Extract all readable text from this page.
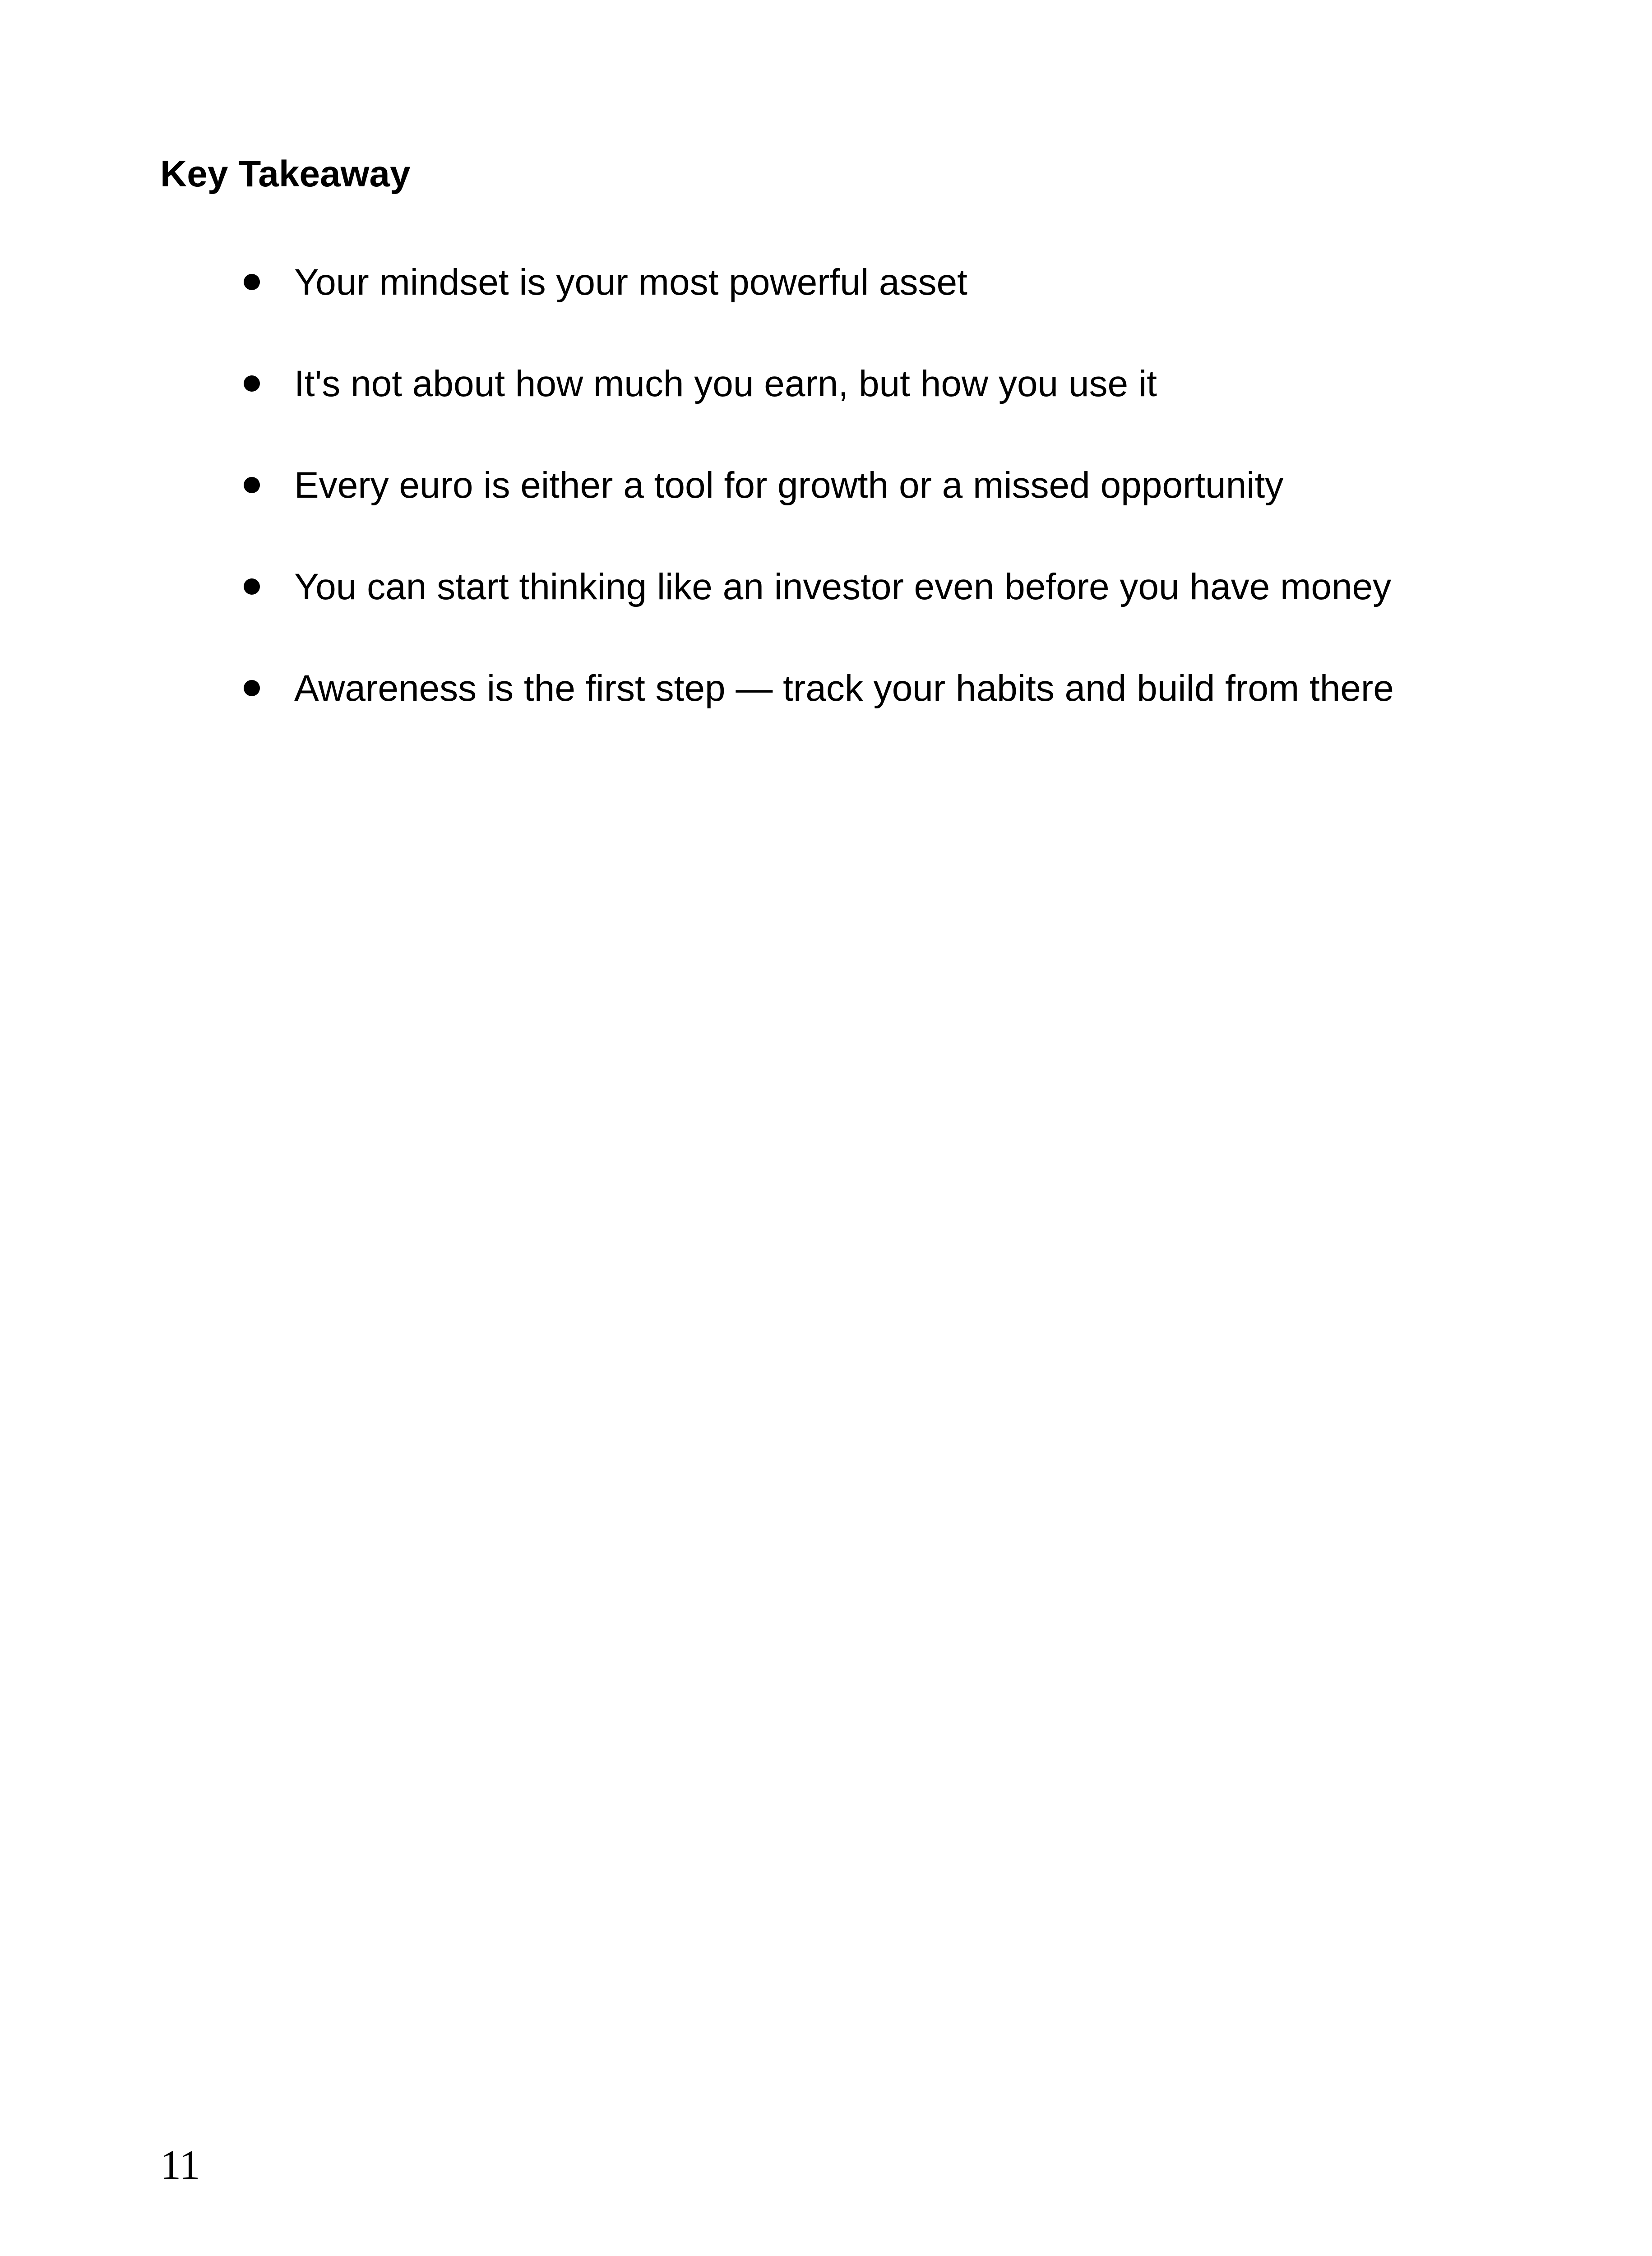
Key Takeaway
Your mindset is your most powerful asset
It's not about how much you earn, but how you use it
Every euro is either a tool for growth or a missed opportunity
You can start thinking like an investor even before you have money
Awareness is the first step — track your habits and build from there
11
